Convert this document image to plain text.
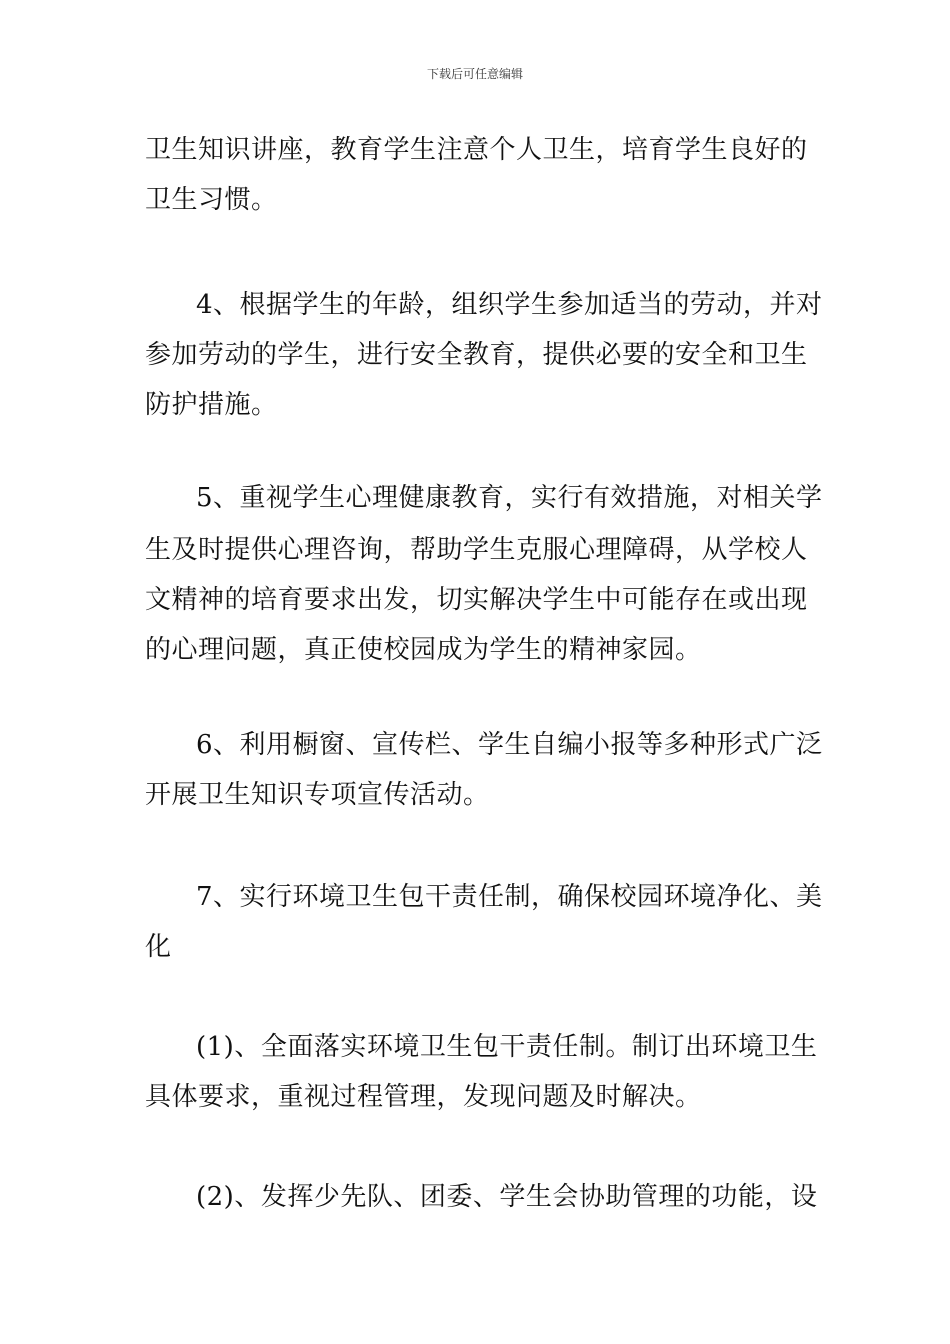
下载后可任意编辑
卫生知识讲座，教育学生注意个人卫生，培育学生良好的
卫生习惯。
4、根据学生的年龄，组织学生参加适当的劳动，并对
参加劳动的学生，进行安全教育，提供必要的安全和卫生
防护措施。
5、重视学生心理健康教育，实行有效措施，对相关学
生及时提供心理咨询，帮助学生克服心理障碍，从学校人
文精神的培育要求出发，切实解决学生中可能存在或出现
的心理问题，真正使校园成为学生的精神家园。
6、利用橱窗、宣传栏、学生自编小报等多种形式广泛
开展卫生知识专项宣传活动。
7、实行环境卫生包干责任制，确保校园环境净化、美
化
(1)、全面落实环境卫生包干责任制。制订出环境卫生
具体要求，重视过程管理，发现问题及时解决。
(2)、发挥少先队、团委、学生会协助管理的功能，设
